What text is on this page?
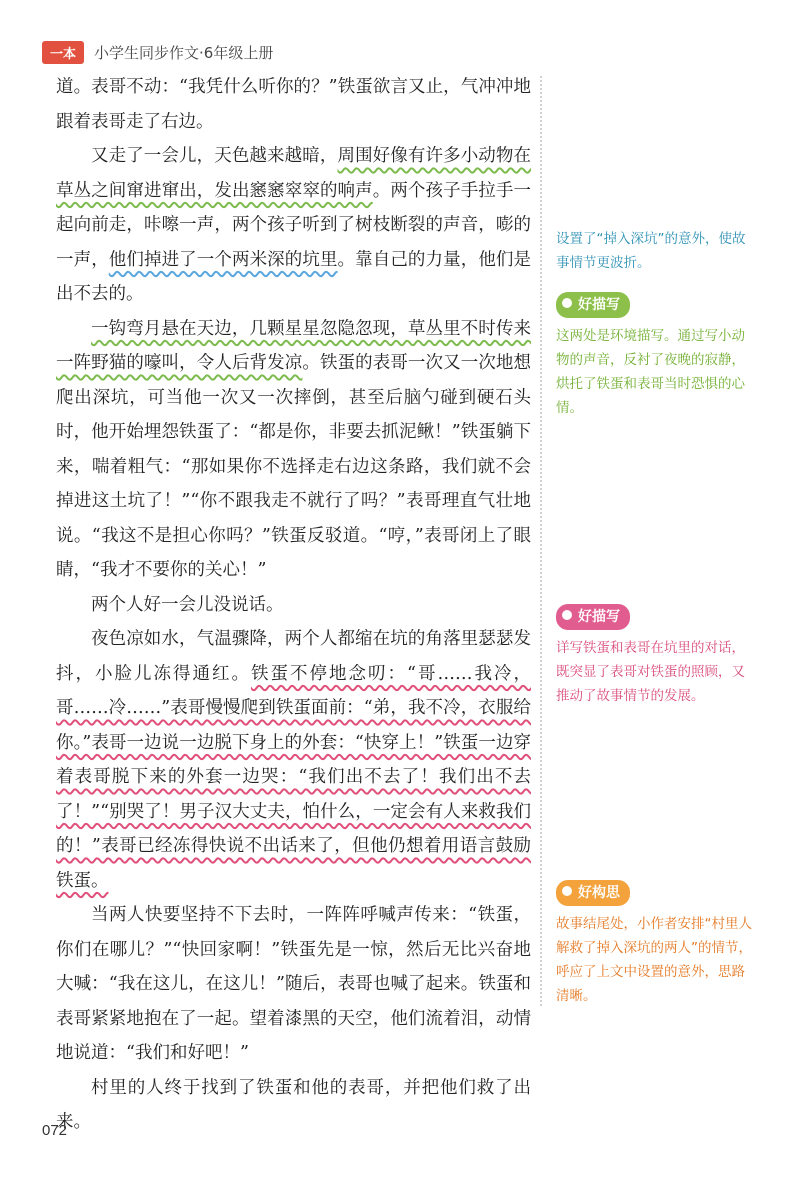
一本	小学生同步作文·6年级上册

道。表哥不动：“我凭什么听你的？”铁蛋欲言又止，气冲冲地跟着表哥走了右边。

又走了一会儿，天色越来越暗，周围好像有许多小动物在草丛之间窜进窜出，发出窸窸窣窣的响声。两个孩子手拉手一起向前走，咔嚓一声，两个孩子听到了树枝断裂的声音，嘭的一声，他们掉进了一个两米深的坑里。靠自己的力量，他们是出不去的。

一钩弯月悬在天边，几颗星星忽隐忽现，草丛里不时传来一阵野猫的嚎叫，令人后背发凉。铁蛋的表哥一次又一次地想爬出深坑，可当他一次又一次摔倒，甚至后脑勺碰到硬石头时，他开始埋怨铁蛋了：“都是你，非要去抓泥鳅！”铁蛋躺下来，喘着粗气：“那如果你不选择走右边这条路，我们就不会掉进这土坑了！”“你不跟我走不就行了吗？”表哥理直气壮地说。“我这不是担心你吗？”铁蛋反驳道。“哼，”表哥闭上了眼睛，“我才不要你的关心！”

两个人好一会儿没说话。

夜色凉如水，气温骤降，两个人都缩在坑的角落里瑟瑟发抖，小脸儿冻得通红。铁蛋不停地念叨：“哥……我冷，哥……冷……”表哥慢慢爬到铁蛋面前：“弟，我不冷，衣服给你。”表哥一边说一边脱下身上的外套：“快穿上！”铁蛋一边穿着表哥脱下来的外套一边哭：“我们出不去了！我们出不去了！”“别哭了！男子汉大丈夫，怕什么，一定会有人来救我们的！”表哥已经冻得快说不出话来了，但他仍想着用语言鼓励铁蛋。

当两人快要坚持不下去时，一阵阵呼喊声传来：“铁蛋，你们在哪儿？”“快回家啊！”铁蛋先是一惊，然后无比兴奋地大喊：“我在这儿，在这儿！”随后，表哥也喊了起来。铁蛋和表哥紧紧地抱在了一起。望着漆黑的天空，他们流着泪，动情地说道：“我们和好吧！”

村里的人终于找到了铁蛋和他的表哥，并把他们救了出来。

设置了“掉入深坑”的意外，使故事情节更波折。
好描写
这两处是环境描写。通过写小动物的声音，反衬了夜晚的寂静，烘托了铁蛋和表哥当时恐惧的心情。
好描写
详写铁蛋和表哥在坑里的对话，既突显了表哥对铁蛋的照顾，又推动了故事情节的发展。
好构思
故事结尾处，小作者安排“村里人解救了掉入深坑的两人”的情节，呼应了上文中设置的意外，思路清晰。
072
